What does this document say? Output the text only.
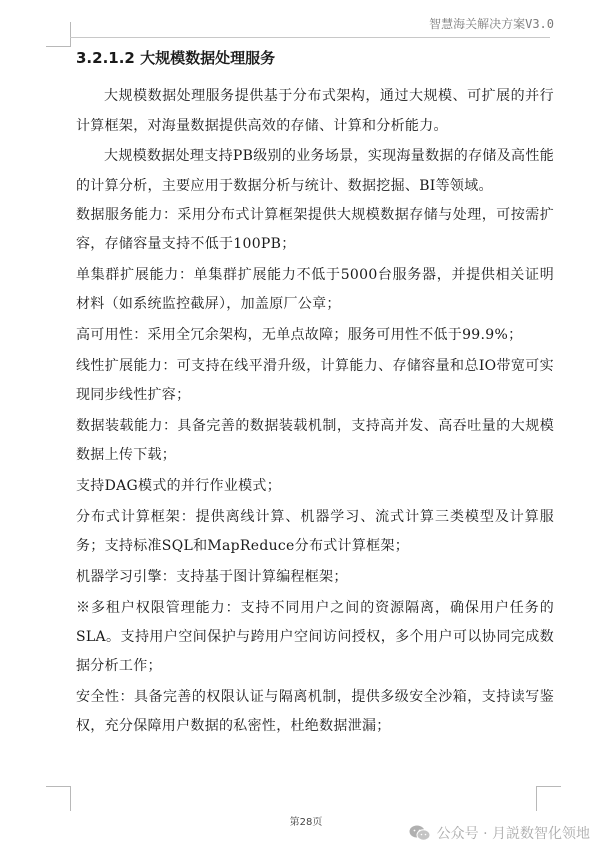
智慧海关解决方案V3.0
3.2.1.2 大规模数据处理服务

大规模数据处理服务提供基于分布式架构，通过大规模、可扩展的并行计算框架，对海量数据提供高效的存储、计算和分析能力。

大规模数据处理支持PB级别的业务场景，实现海量数据的存储及高性能的计算分析，主要应用于数据分析与统计、数据挖掘、BI等领域。

数据服务能力：采用分布式计算框架提供大规模数据存储与处理，可按需扩容，存储容量支持不低于100PB；

单集群扩展能力：单集群扩展能力不低于5000台服务器，并提供相关证明材料（如系统监控截屏），加盖原厂公章；

高可用性：采用全冗余架构，无单点故障；服务可用性不低于99.9%；

线性扩展能力：可支持在线平滑升级，计算能力、存储容量和总IO带宽可实现同步线性扩容；

数据装载能力：具备完善的数据装载机制，支持高并发、高吞吐量的大规模数据上传下载；

支持DAG模式的并行作业模式；

分布式计算框架：提供离线计算、机器学习、流式计算三类模型及计算服务；支持标准SQL和MapReduce分布式计算框架；

机器学习引擎：支持基于图计算编程框架；

※多租户权限管理能力：支持不同用户之间的资源隔离，确保用户任务的SLA。支持用户空间保护与跨用户空间访问授权，多个用户可以协同完成数据分析工作；

安全性：具备完善的权限认证与隔离机制，提供多级安全沙箱，支持读写鉴权，充分保障用户数据的私密性，杜绝数据泄漏；

第28页
公众号 · 月説数智化领地
